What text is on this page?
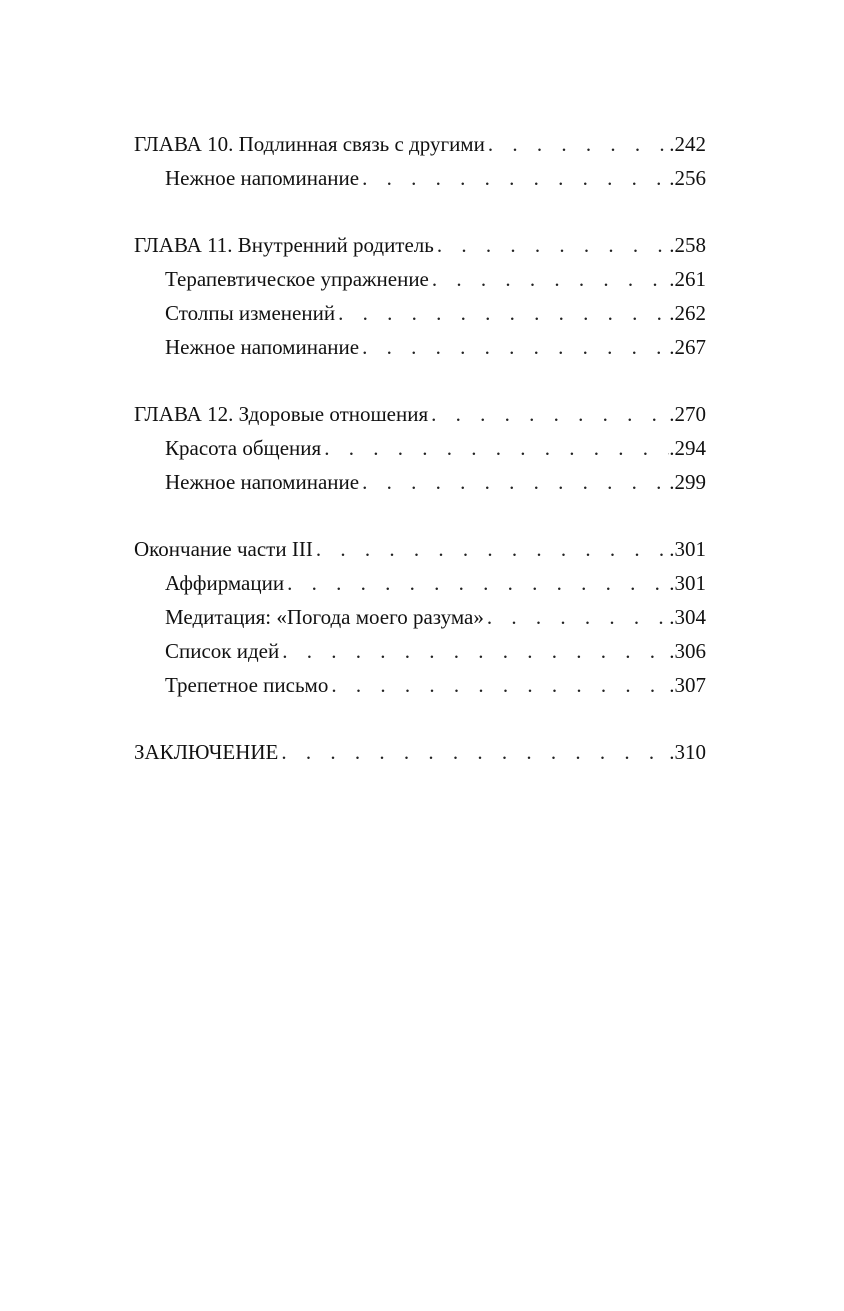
ГЛАВА 10. Подлинная связь с другими . . .	.242
Нежное напоминание . . .	.256
ГЛАВА 11. Внутренний родитель . . .	.258
Терапевтическое упражнение . . .	.261
Столпы изменений . . .	.262
Нежное напоминание . . .	.267
ГЛАВА 12. Здоровые отношения . . .	.270
Красота общения . . .	.294
Нежное напоминание . . .	.299
Окончание части III . . .	.301
Аффирмации . . .	.301
Медитация: «Погода моего разума» . . .	.304
Список идей . . .	.306
Трепетное письмо . . .	.307
ЗАКЛЮЧЕНИЕ . . .	.310
